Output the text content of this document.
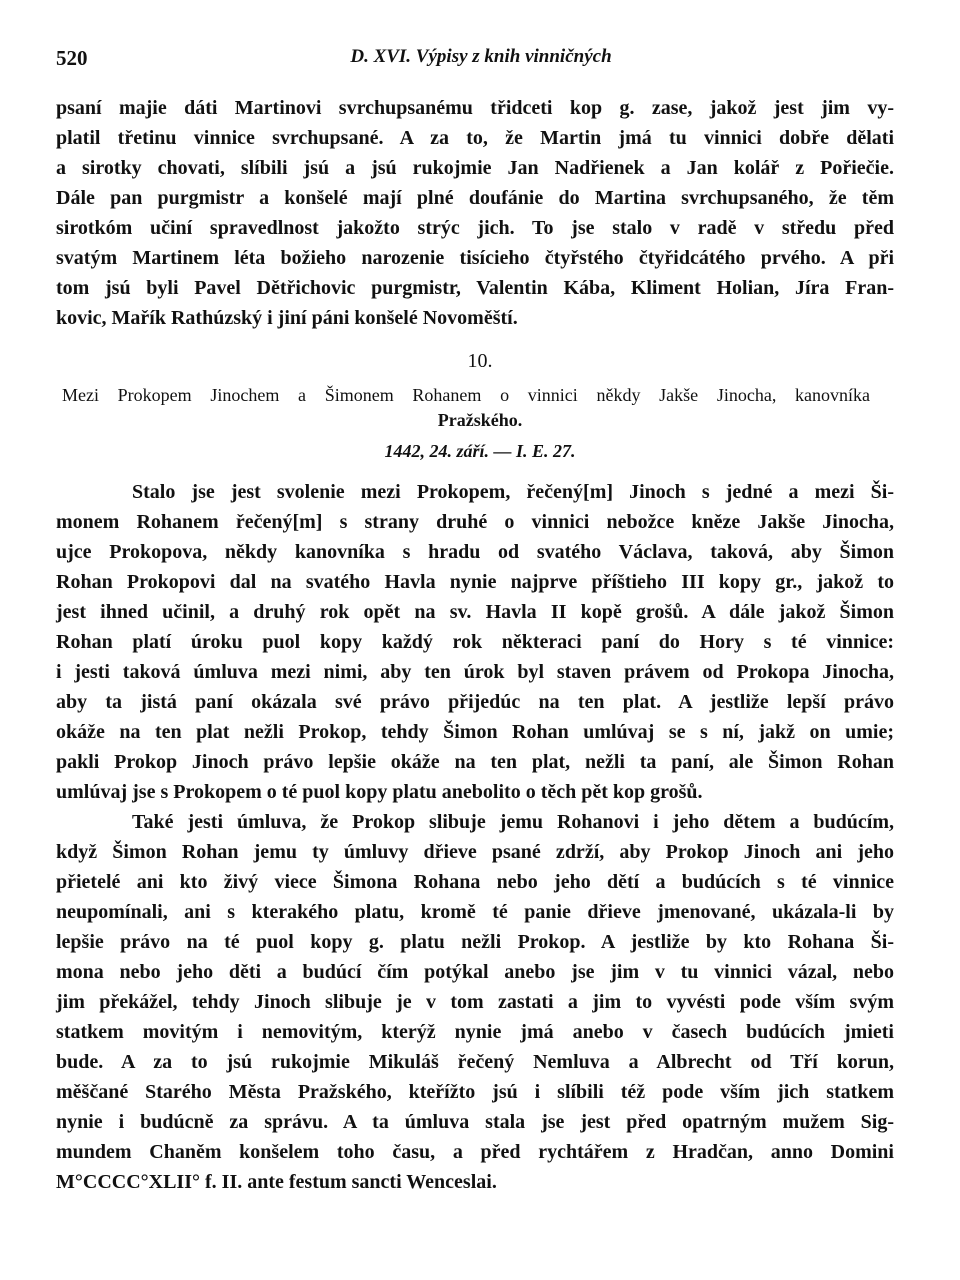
520	D. XVI. Výpisy z knih vinničných

psaní majie dáti Martinovi svrchupsanému třidceti kop g. zase, jakož jest jim vy-

platil třetinu vinnice svrchupsané. A za to, že Martin jmá tu vinnici dobře dělati

a sirotky chovati, slíbili jsú a jsú rukojmie Jan Nadřienek a Jan kolář z Pořiečie.

Dále pan purgmistr a konšelé mají plné doufánie do Martina svrchupsaného, že těm

sirotkóm učiní spravedlnost jakožto strýc jich. To jse stalo v radě v středu před

svatým Martinem léta božieho narozenie tisícieho čtyřstého čtyřidcátého prvého. A při

tom jsú byli Pavel Dětřichovic purgmistr, Valentin Kába, Kliment Holian, Jíra Fran-

kovic, Mařík Rathúzský i jiní páni konšelé Novoměští.

10.

Mezi Prokopem Jinochem a Šimonem Rohanem o vinnici někdy Jakše Jinocha, kanovníka

Pražského.

1442, 24. září. — I. E. 27.

Stalo jse jest svolenie mezi Prokopem, řečený[m] Jinoch s jedné a mezi Ši-

monem Rohanem řečený[m] s strany druhé o vinnici nebožce kněze Jakše Jinocha,

ujce Prokopova, někdy kanovníka s hradu od svatého Václava, taková, aby Šimon

Rohan Prokopovi dal na svatého Havla nynie najprve příštieho III kopy gr., jakož to

jest ihned učinil, a druhý rok opět na sv. Havla II kopě grošů. A dále jakož Šimon

Rohan platí úroku puol kopy každý rok některaci paní do Hory s té vinnice:

i jesti taková úmluva mezi nimi, aby ten úrok byl staven právem od Prokopa Jinocha,

aby ta jistá paní okázala své právo přijedúc na ten plat. A jestliže lepší právo

okáže na ten plat nežli Prokop, tehdy Šimon Rohan umlúvaj se s ní, jakž on umie;

pakli Prokop Jinoch právo lepšie okáže na ten plat, nežli ta paní, ale Šimon Rohan

umlúvaj jse s Prokopem o té puol kopy platu anebolito o těch pět kop grošů.

Také jesti úmluva, že Prokop slibuje jemu Rohanovi i jeho dětem a budúcím,

když Šimon Rohan jemu ty úmluvy dřieve psané zdrží, aby Prokop Jinoch ani jeho

přietelé ani kto živý viece Šimona Rohana nebo jeho dětí a budúcích s té vinnice

neupomínali, ani s kterakého platu, kromě té panie dřieve jmenované, ukázala-li by

lepšie právo na té puol kopy g. platu nežli Prokop. A jestliže by kto Rohana Ši-

mona nebo jeho děti a budúcí čím potýkal anebo jse jim v tu vinnici vázal, nebo

jim překážel, tehdy Jinoch slibuje je v tom zastati a jim to vyvésti pode vším svým

statkem movitým i nemovitým, kterýž nynie jmá anebo v časech budúcích jmieti

bude. A za to jsú rukojmie Mikuláš řečený Nemluva a Albrecht od Tří korun,

měščané Starého Města Pražského, kteřížto jsú i slíbili též pode vším jich statkem

nynie i budúcně za správu. A ta úmluva stala jse jest před opatrným mužem Sig-

mundem Chaněm konšelem toho času, a před rychtářem z Hradčan, anno Domini

M°CCCC°XLII° f. II. ante festum sancti Wenceslai.
